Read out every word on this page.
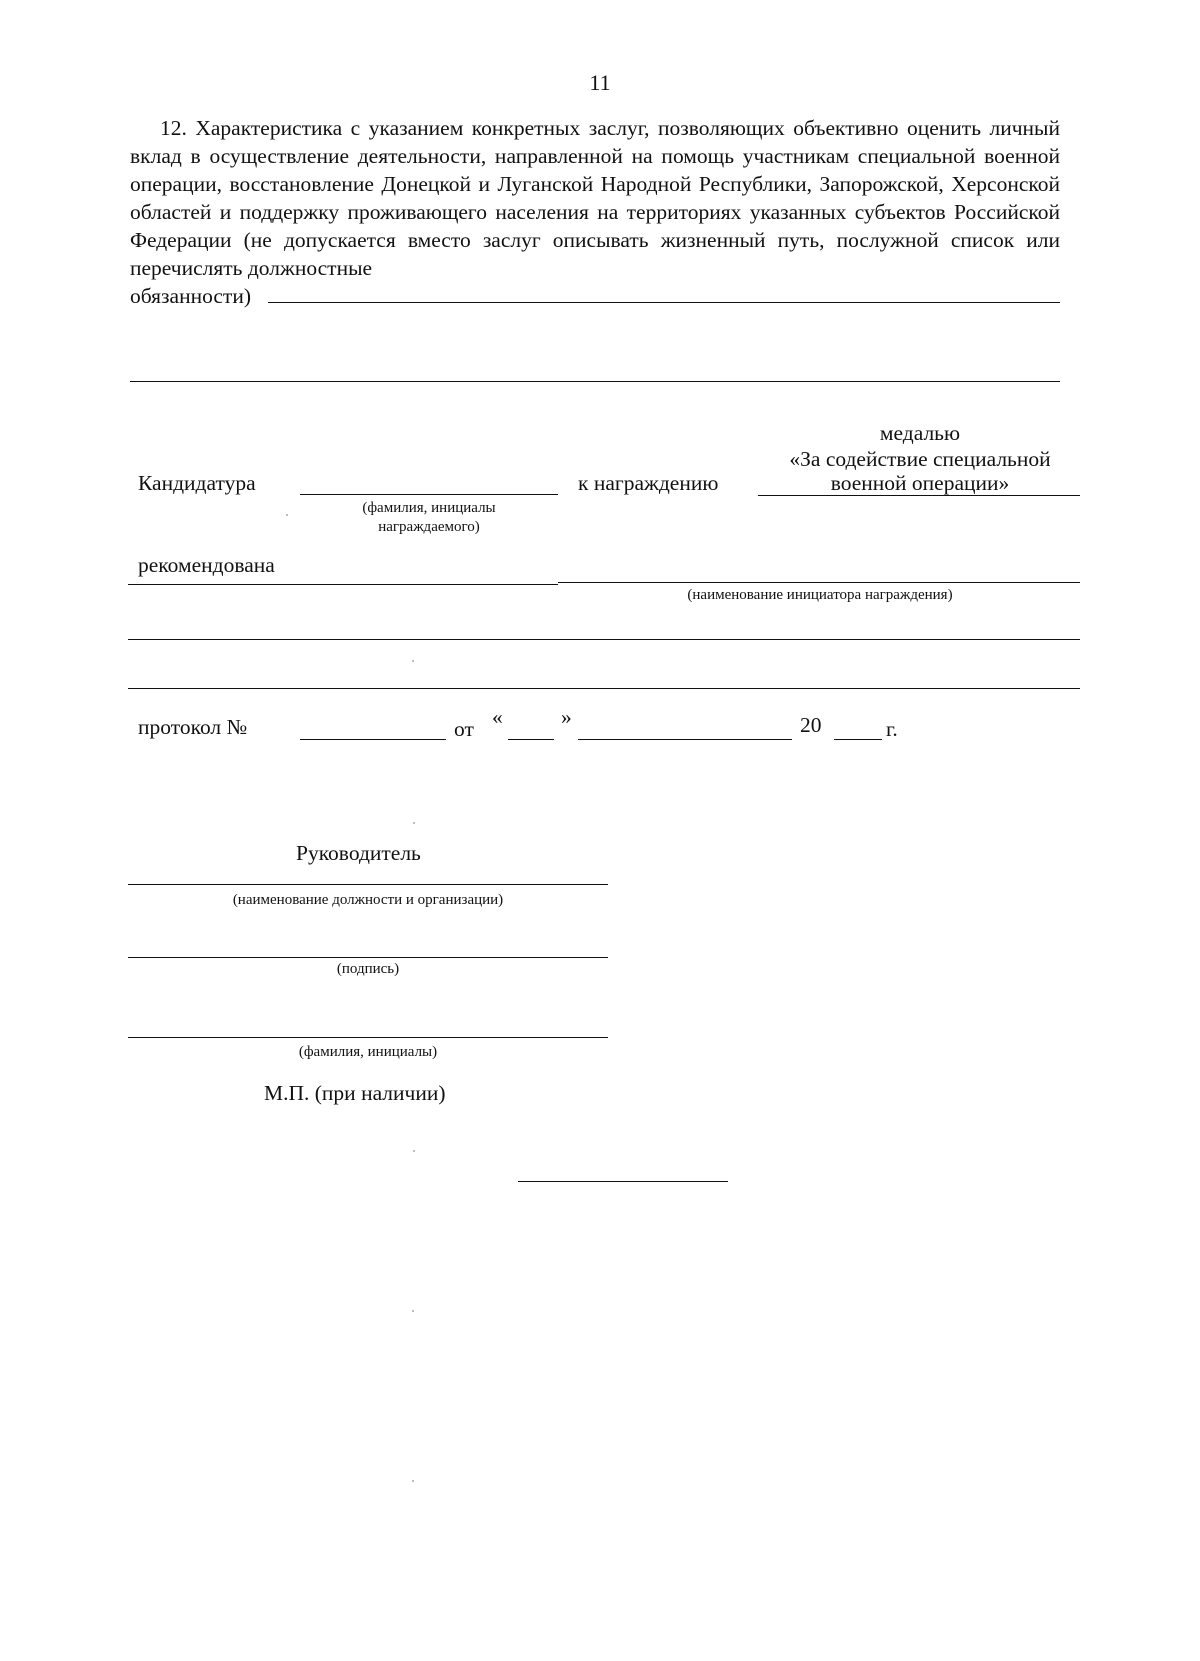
11
12. Характеристика с указанием конкретных заслуг, позволяющих объективно оценить личный вклад в осуществление деятельности, направленной на помощь участникам специальной военной операции, восстановление Донецкой и Луганской Народной Республики, Запорожской, Херсонской областей и поддержку проживающего населения на территориях указанных субъектов Российской Федерации (не допускается вместо заслуг описывать жизненный путь, послужной список или перечислять должностные
обязанности)
Кандидатура
(фамилия, инициалы
награждаемого)
к награждению
медалью
«За содействие специальной
военной операции»
рекомендована
(наименование инициатора награждения)
протокол №	от «	»	20	г.
Руководитель
(наименование должности и организации)
(подпись)
(фамилия, инициалы)
М.П. (при наличии)
